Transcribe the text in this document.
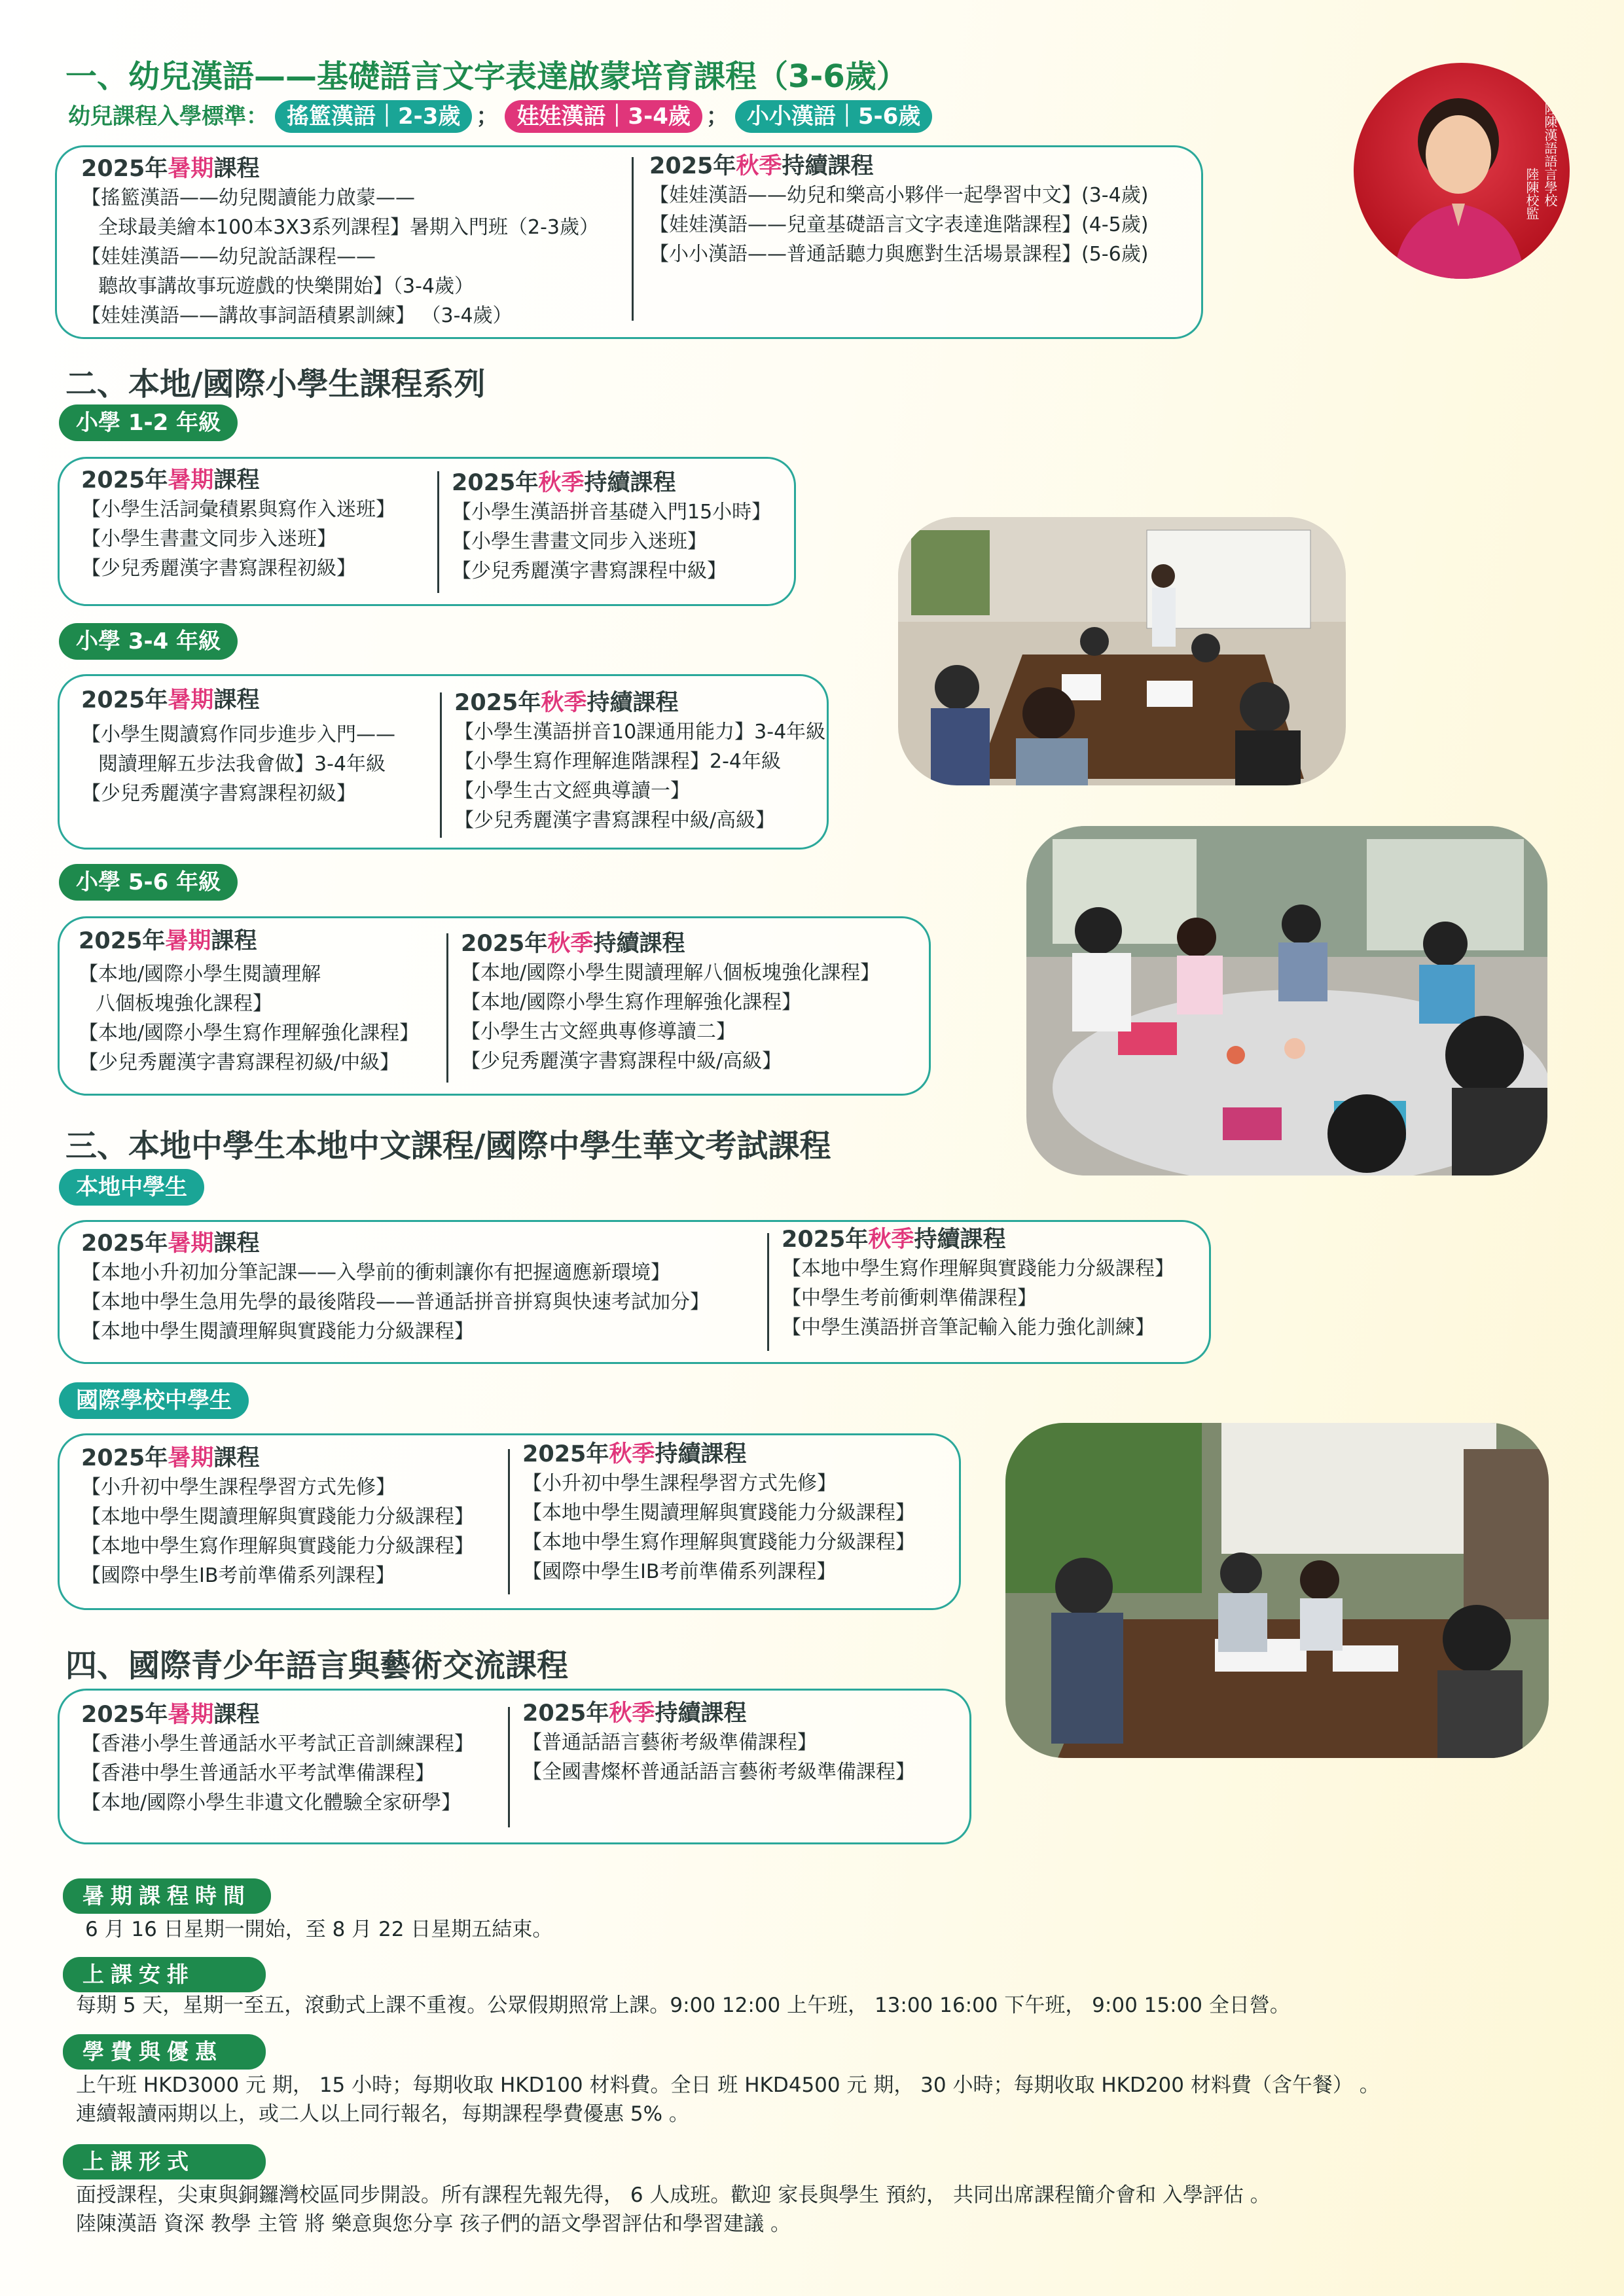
一、幼兒漢語——基礎語言文字表達啟蒙培育課程（3-6歲）
幼兒課程入學標準： 搖籃漢語｜2-3歲 ； 娃娃漢語｜3-4歲 ； 小小漢語｜5-6歲
2025年暑期課程
【搖籃漢語——幼兒閱讀能力啟蒙——
全球最美繪本100本3X3系列課程】暑期入門班（2-3歲）
【娃娃漢語——幼兒說話課程——
聽故事講故事玩遊戲的快樂開始】（3-4歲）
【娃娃漢語——講故事詞語積累訓練】 （3-4歲）
2025年秋季持續課程
【娃娃漢語——幼兒和樂高小夥伴一起學習中文】(3-4歲)
【娃娃漢語——兒童基礎語言文字表達進階課程】(4-5歲)
【小小漢語——普通話聽力與應對生活場景課程】(5-6歲)
陸陳漢語語言學校
陸陳校監
二、本地/國際小學生課程系列
小學 1-2 年級
2025年暑期課程
【小學生活詞彙積累與寫作入迷班】
【小學生書畫文同步入迷班】
【少兒秀麗漢字書寫課程初級】
2025年秋季持續課程
【小學生漢語拼音基礎入門15小時】
【小學生書畫文同步入迷班】
【少兒秀麗漢字書寫課程中級】
小學 3-4 年級
2025年暑期課程
【小學生閱讀寫作同步進步入門——
閱讀理解五步法我會做】3-4年級
【少兒秀麗漢字書寫課程初級】
2025年秋季持續課程
【小學生漢語拼音10課通用能力】3-4年級
【小學生寫作理解進階課程】2-4年級
【小學生古文經典導讀一】
【少兒秀麗漢字書寫課程中級/高級】
小學 5-6 年級
2025年暑期課程
【本地/國際小學生閱讀理解
八個板塊強化課程】
【本地/國際小學生寫作理解強化課程】
【少兒秀麗漢字書寫課程初級/中級】
2025年秋季持續課程
【本地/國際小學生閱讀理解八個板塊強化課程】
【本地/國際小學生寫作理解強化課程】
【小學生古文經典專修導讀二】
【少兒秀麗漢字書寫課程中級/高級】
三、本地中學生本地中文課程/國際中學生華文考試課程
本地中學生
2025年暑期課程
【本地小升初加分筆記課——入學前的衝刺讓你有把握適應新環境】
【本地中學生急用先學的最後階段——普通話拼音拼寫與快速考試加分】
【本地中學生閱讀理解與實踐能力分級課程】
2025年秋季持續課程
【本地中學生寫作理解與實踐能力分級課程】
【中學生考前衝刺準備課程】
【中學生漢語拼音筆記輸入能力強化訓練】
國際學校中學生
2025年暑期課程
【小升初中學生課程學習方式先修】
【本地中學生閱讀理解與實踐能力分級課程】
【本地中學生寫作理解與實踐能力分級課程】
【國際中學生IB考前準備系列課程】
2025年秋季持續課程
【小升初中學生課程學習方式先修】
【本地中學生閱讀理解與實踐能力分級課程】
【本地中學生寫作理解與實踐能力分級課程】
【國際中學生IB考前準備系列課程】
四、國際青少年語言與藝術交流課程
2025年暑期課程
【香港小學生普通話水平考試正音訓練課程】
【香港中學生普通話水平考試準備課程】
【本地/國際小學生非遺文化體驗全家研學】
2025年秋季持續課程
【普通話語言藝術考級準備課程】
【全國書燦杯普通話語言藝術考級準備課程】
暑期課程時間
6 月 16 日星期一開始，至 8 月 22 日星期五結束。
上課安排
每期 5 天，星期一至五，滾動式上課不重複。公眾假期照常上課。9:00 12:00 上午班， 13:00 16:00 下午班， 9:00 15:00 全日營。
學費與優惠
上午班 HKD3000 元 期， 15 小時；每期收取 HKD100 材料費。全日 班 HKD4500 元 期， 30 小時；每期收取 HKD200 材料費（含午餐） 。
連續報讀兩期以上，或二人以上同行報名，每期課程學費優惠 5% 。
上課形式
面授課程，尖東與銅鑼灣校區同步開設。所有課程先報先得， 6 人成班。歡迎 家長與學生 預約， 共同出席課程簡介會和 入學評估 。
陸陳漢語 資深 教學 主管 將 樂意與您分享 孩子們的語文學習評估和學習建議 。
